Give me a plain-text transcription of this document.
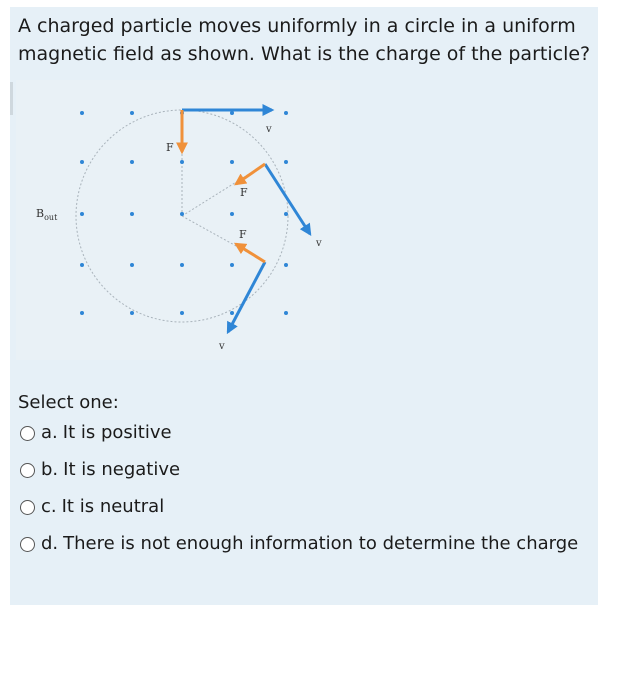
A charged particle moves uniformly in a circle in a uniform magnetic field as shown. What is the charge of the particle?

F
F
F
v
v
v
$B_{out}$
Select one:
a. It is positive
b. It is negative
c. It is neutral
d. There is not enough information to determine the charge
